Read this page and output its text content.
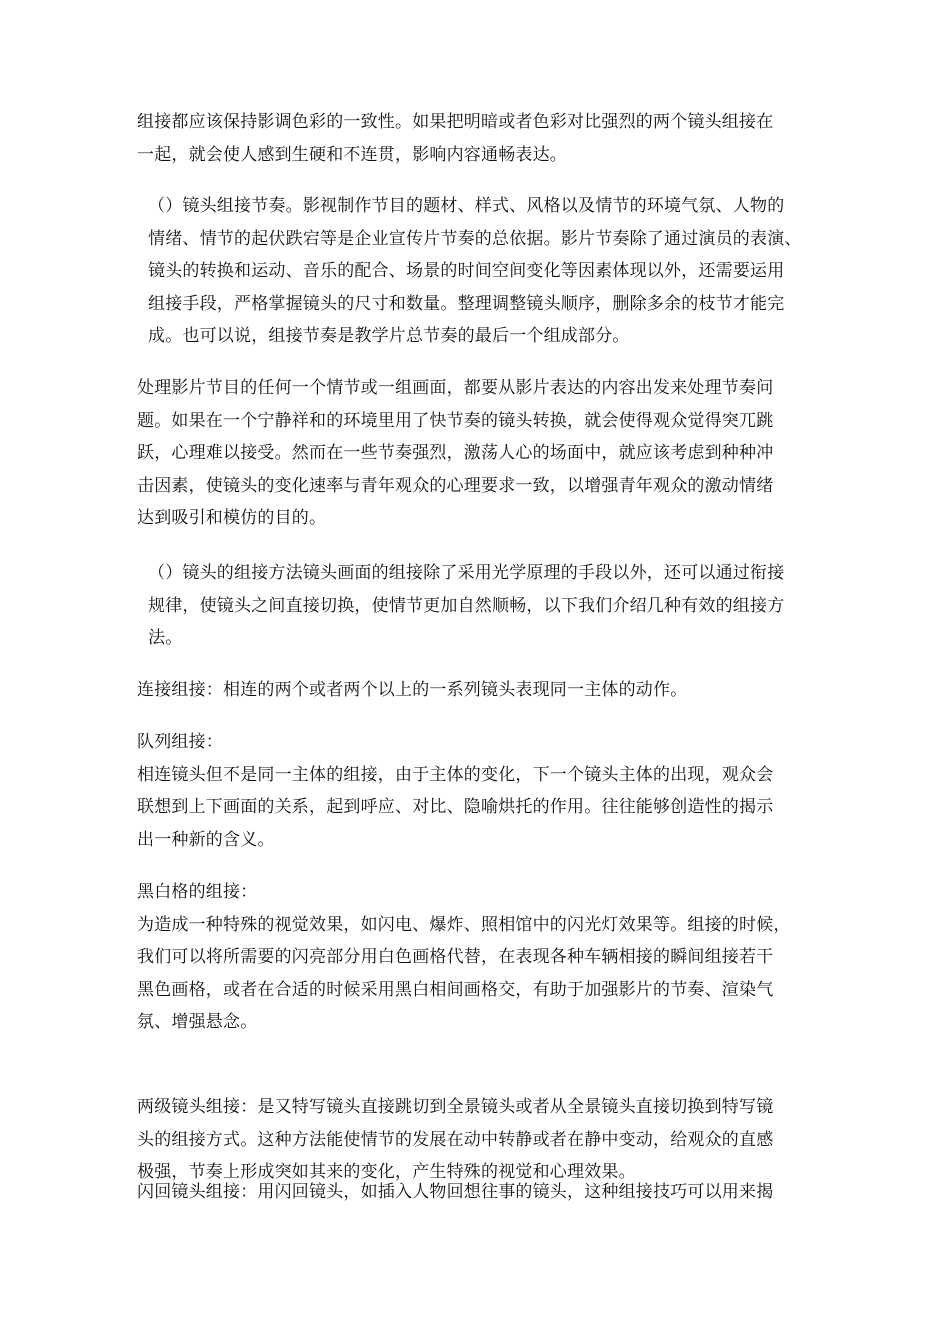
组接都应该保持影调色彩的一致性。如果把明暗或者色彩对比强烈的两个镜头组接在
一起，就会使人感到生硬和不连贯，影响内容通畅表达。

（）镜头组接节奏。影视制作节目的题材、样式、风格以及情节的环境气氛、人物的
情绪、情节的起伏跌宕等是企业宣传片节奏的总依据。影片节奏除了通过演员的表演、
镜头的转换和运动、音乐的配合、场景的时间空间变化等因素体现以外，还需要运用
组接手段，严格掌握镜头的尺寸和数量。整理调整镜头顺序，删除多余的枝节才能完
成。也可以说，组接节奏是教学片总节奏的最后一个组成部分。

处理影片节目的任何一个情节或一组画面，都要从影片表达的内容出发来处理节奏问
题。如果在一个宁静祥和的环境里用了快节奏的镜头转换，就会使得观众觉得突兀跳
跃，心理难以接受。然而在一些节奏强烈，激荡人心的场面中，就应该考虑到种种冲
击因素，使镜头的变化速率与青年观众的心理要求一致，以增强青年观众的激动情绪
达到吸引和模仿的目的。

（）镜头的组接方法镜头画面的组接除了采用光学原理的手段以外，还可以通过衔接
规律，使镜头之间直接切换，使情节更加自然顺畅，以下我们介绍几种有效的组接方
法。

连接组接：相连的两个或者两个以上的一系列镜头表现同一主体的动作。

队列组接：
相连镜头但不是同一主体的组接，由于主体的变化，下一个镜头主体的出现，观众会
联想到上下画面的关系，起到呼应、对比、隐喻烘托的作用。往往能够创造性的揭示
出一种新的含义。

黑白格的组接：
为造成一种特殊的视觉效果，如闪电、爆炸、照相馆中的闪光灯效果等。组接的时候，
我们可以将所需要的闪亮部分用白色画格代替，在表现各种车辆相接的瞬间组接若干
黑色画格，或者在合适的时候采用黑白相间画格交，有助于加强影片的节奏、渲染气
氛、增强悬念。

两级镜头组接：是又特写镜头直接跳切到全景镜头或者从全景镜头直接切换到特写镜
头的组接方式。这种方法能使情节的发展在动中转静或者在静中变动，给观众的直感
极强，节奏上形成突如其来的变化，产生特殊的视觉和心理效果。

闪回镜头组接：用闪回镜头，如插入人物回想往事的镜头，这种组接技巧可以用来揭
